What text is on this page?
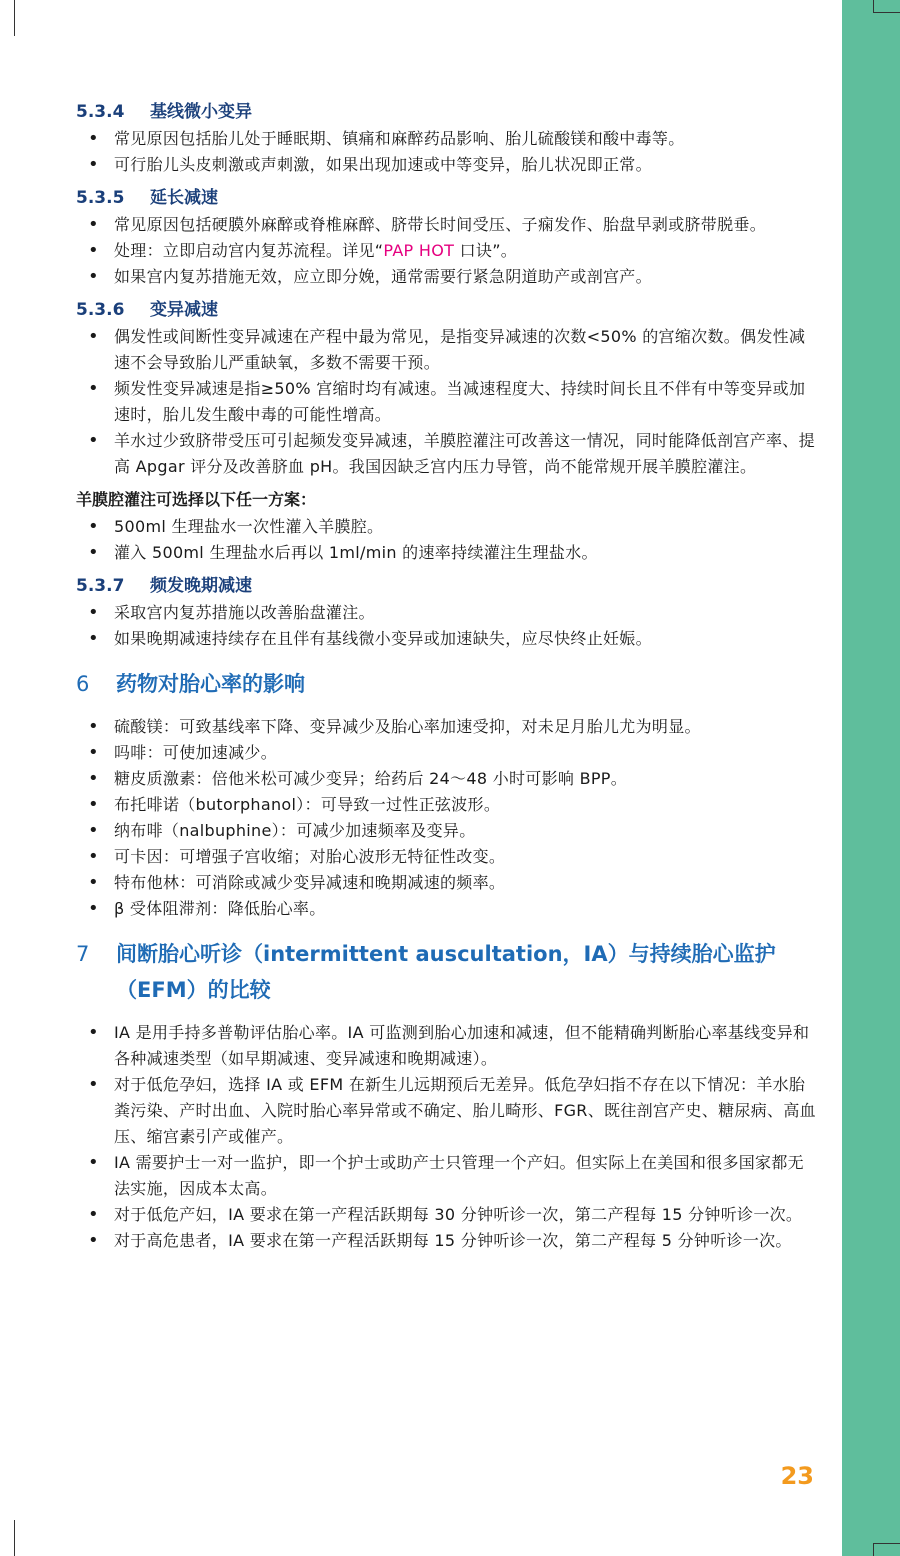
5.3.4 基线微小变异
• 常见原因包括胎儿处于睡眠期、镇痛和麻醉药品影响、胎儿硫酸镁和酸中毒等。
• 可行胎儿头皮刺激或声刺激，如果出现加速或中等变异，胎儿状况即正常。
5.3.5 延长减速
• 常见原因包括硬膜外麻醉或脊椎麻醉、脐带长时间受压、子痫发作、胎盘早剥或脐带脱垂。
• 处理：立即启动宫内复苏流程。详见“PAP HOT 口诀”。
• 如果宫内复苏措施无效，应立即分娩，通常需要行紧急阴道助产或剖宫产。
5.3.6 变异减速
• 偶发性或间断性变异减速在产程中最为常见，是指变异减速的次数<50% 的宫缩次数。偶发性减速不会导致胎儿严重缺氧，多数不需要干预。
• 频发性变异减速是指≥50% 宫缩时均有减速。当减速程度大、持续时间长且不伴有中等变异或加速时，胎儿发生酸中毒的可能性增高。
• 羊水过少致脐带受压可引起频发变异减速，羊膜腔灌注可改善这一情况，同时能降低剖宫产率、提高 Apgar 评分及改善脐血 pH。我国因缺乏宫内压力导管，尚不能常规开展羊膜腔灌注。
羊膜腔灌注可选择以下任一方案：
• 500ml 生理盐水一次性灌入羊膜腔。
• 灌入 500ml 生理盐水后再以 1ml/min 的速率持续灌注生理盐水。
5.3.7 频发晚期减速
• 采取宫内复苏措施以改善胎盘灌注。
• 如果晚期减速持续存在且伴有基线微小变异或加速缺失，应尽快终止妊娠。
6 药物对胎心率的影响
• 硫酸镁：可致基线率下降、变异减少及胎心率加速受抑，对未足月胎儿尤为明显。
• 吗啡：可使加速减少。
• 糖皮质激素：倍他米松可减少变异；给药后 24～48 小时可影响 BPP。
• 布托啡诺（butorphanol）：可导致一过性正弦波形。
• 纳布啡（nalbuphine）：可减少加速频率及变异。
• 可卡因：可增强子宫收缩；对胎心波形无特征性改变。
• 特布他林：可消除或减少变异减速和晚期减速的频率。
• β 受体阻滞剂：降低胎心率。
7 间断胎心听诊（intermittent auscultation，IA）与持续胎心监护（EFM）的比较
• IA 是用手持多普勒评估胎心率。IA 可监测到胎心加速和减速，但不能精确判断胎心率基线变异和各种减速类型（如早期减速、变异减速和晚期减速）。
• 对于低危孕妇，选择 IA 或 EFM 在新生儿远期预后无差异。低危孕妇指不存在以下情况：羊水胎粪污染、产时出血、入院时胎心率异常或不确定、胎儿畸形、FGR、既往剖宫产史、糖尿病、高血压、缩宫素引产或催产。
• IA 需要护士一对一监护，即一个护士或助产士只管理一个产妇。但实际上在美国和很多国家都无法实施，因成本太高。
• 对于低危产妇，IA 要求在第一产程活跃期每 30 分钟听诊一次，第二产程每 15 分钟听诊一次。
• 对于高危患者，IA 要求在第一产程活跃期每 15 分钟听诊一次，第二产程每 5 分钟听诊一次。
23
